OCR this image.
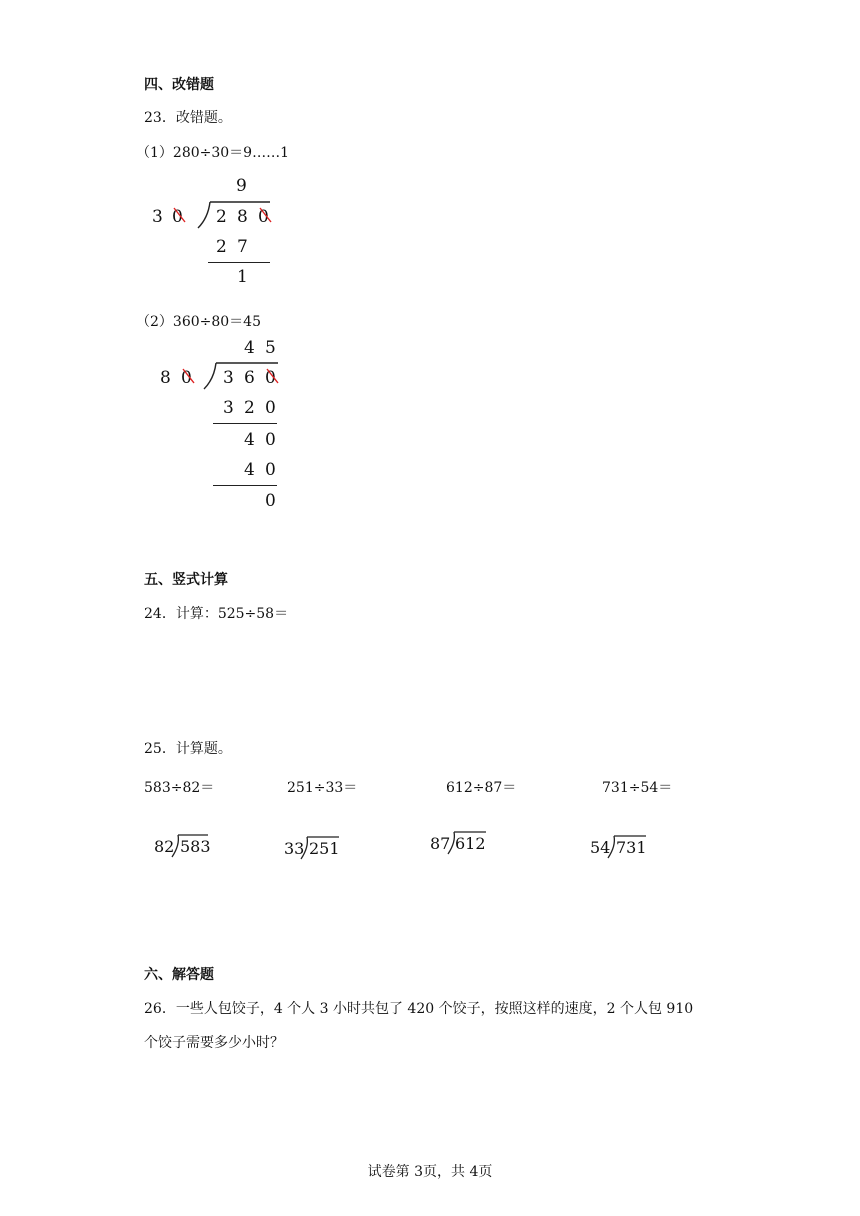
四、改错题
23．改错题。
（1）280÷30＝9……1
9
3 0 2 8 0
2 7
1
（2）360÷80＝45
4 5
8 0 3 6 0
3 2 0
4 0
4 0
0
五、竖式计算
24．计算：525÷58＝
25．计算题。
583÷82＝	251÷33＝	612÷87＝	731÷54＝
82 583	33 251	87 612	54 731
六、解答题
26．一些人包饺子，4 个人 3 小时共包了 420 个饺子，按照这样的速度，2 个人包 910
个饺子需要多少小时？
试卷第 3页，共 4页
